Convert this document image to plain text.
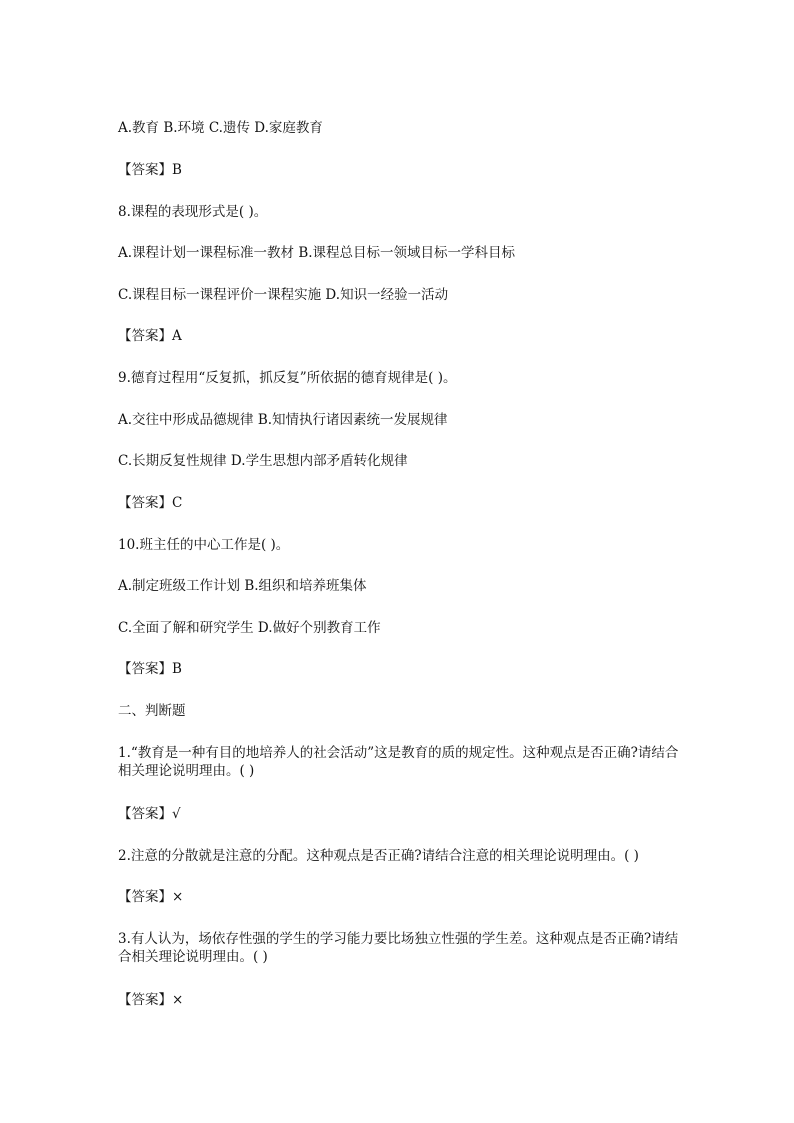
A.教育 B.环境 C.遗传 D.家庭教育

【答案】B

8.课程的表现形式是( )。

A.课程计划一课程标准一教材 B.课程总目标一领域目标一学科目标

C.课程目标一课程评价一课程实施 D.知识一经验一活动

【答案】A

9.德育过程用“反复抓，抓反复”所依据的德育规律是( )。

A.交往中形成品德规律 B.知情执行诸因素统一发展规律

C.长期反复性规律 D.学生思想内部矛盾转化规律

【答案】C

10.班主任的中心工作是( )。

A.制定班级工作计划 B.组织和培养班集体

C.全面了解和研究学生 D.做好个别教育工作

【答案】B

二、判断题

1.“教育是一种有目的地培养人的社会活动”这是教育的质的规定性。这种观点是否正确?请结合相关理论说明理由。( )

【答案】√

2.注意的分散就是注意的分配。这种观点是否正确?请结合注意的相关理论说明理由。( )

【答案】×

3.有人认为，场依存性强的学生的学习能力要比场独立性强的学生差。这种观点是否正确?请结合相关理论说明理由。( )

【答案】×
